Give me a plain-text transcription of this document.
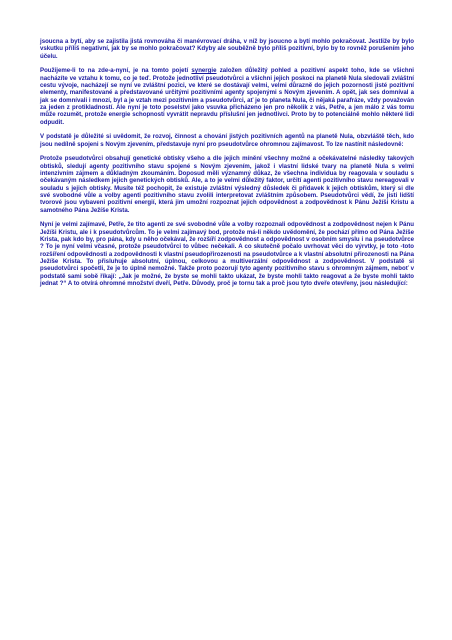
jsoucna a bytí, aby se zajistila jistá rovnováha či manévrovací dráha, v níž by jsoucno a bytí mohlo pokračovat. Jestliže by bylo vskutku příliš negativní, jak by se mohlo pokračovat? Kdyby ale souběžně bylo příliš pozitivní, bylo by to rovněž porušením jeho účelu.

Použijeme-li to na zde-a-nyní, je na tomto pojetí synergie založen důležitý pohled a pozitivní aspekt toho, kde se všichni nacházíte ve vztahu k tomu, co je teď. Protože jednotliví pseudotvůrci a všichni jejich poskoci na planetě Nula sledovali zvláštní cestu vývoje, nacházejí se nyní ve zvláštní pozici, ve které se dostávají velmi, velmi důrazně do jejich pozornosti jisté pozitivní elementy, manifestované a představované určitými pozitivními agenty spojenými s Novým zjevením. A opět, jak ses domníval a jak se domnívali i mnozí, byl a je vztah mezi pozitivním a pseudotvůrci, ať je to planeta Nula, či nějaká parafráze, vždy považován za jeden z protikladností. Ale nyní je toto poselství jako vsuvka přicházeno jen pro několik z vás, Petře, a jen málo z vás tomu může rozumět, protože energie schopnosti vyvrátit nepravdu příslušní jen jednotlivci. Proto by to potenciálně mohlo některé lidi odpudit.

V podstatě je důležité si uvědomit, že rozvoj, činnost a chování jistých pozitivních agentů na planetě Nula, obzvláště těch, kdo jsou nedílně spojeni s Novým zjevením, představuje nyní pro pseudotvůrce ohromnou zajímavost. To lze nastínit následovně:

Protože pseudotvůrci obsahují genetické obtisky všeho a dle jejich mínění všechny možné a očekávatelné následky takových obtisků, sledují agenty pozitivního stavu spojené s Novým zjevením, jakož i vlastní lidské tvary na planetě Nula s velmi intenzivním zájmem a důkladným zkoumáním. Doposud měli významný důkaz, že všechna individua by reagovala v souladu s očekávaným následkem jejich genetických obtisků. Ale, a to je velmi důležitý faktor, určití agenti pozitivního stavu nereagovali v souladu s jejich obtisky. Musíte též pochopit, že existuje zvláštní výsledný důsledek či přídavek k jejich obtiskům, který si dle své svobodné vůle a volby agenti pozitivního stavu zvolili interpretovat zvláštním způsobem. Pseudotvůrci vědí, že jisti lidští tvorové jsou vybaveni pozitivní energií, která jim umožní rozpoznat jejich odpovědnost a zodpovědnost k Pánu Ježíši Kristu a samotného Pána Ježíše Krista.

Nyní je velmi zajímavé, Petře, že tito agenti ze své svobodné vůle a volby rozpoznali odpovědnost a zodpovědnost nejen k Pánu Ježíši Kristu, ale i k pseudotvůrcům. To je velmi zajímavý bod, protože má-li někdo uvědomění, že pochází přímo od Pána Ježíše Krista, pak kdo by, pro pána, kdy u něho očekával, že rozšíří zodpovědnost a odpovědnost v osobním smyslu i na pseudotvůrce ? To je nyní velmi včasné, protože pseudotvůrci to vůbec nečekali. A co skutečně počalo uvrhovat věci do výrvtky, je toto -toto rozšíření odpovědnosti a zodpovědnosti k vlastní pseudopřirozenosti na pseudotvůrce a k vlastní absolutní přirozenosti na Pána Ježíše Krista. To přisluhuje absolutní, úplnou, celkovou a multiverzální odpovědnost a zodpovědnost. V podstatě si pseudotvůrci spočetli, že je to úplně nemožné. Takže proto pozorují tyto agenty pozitivního stavu s ohromným zájmem, neboť v podstatě sami sobě říkají: „Jak je možné, že byste se mohli takto ukázat, že byste mohli takto reagovat a že byste mohli takto jednat ?“ A to otvírá ohromné množství dveří, Petře. Důvody, proč je tornu tak a proč jsou tyto dveře otevřeny, jsou následující:
